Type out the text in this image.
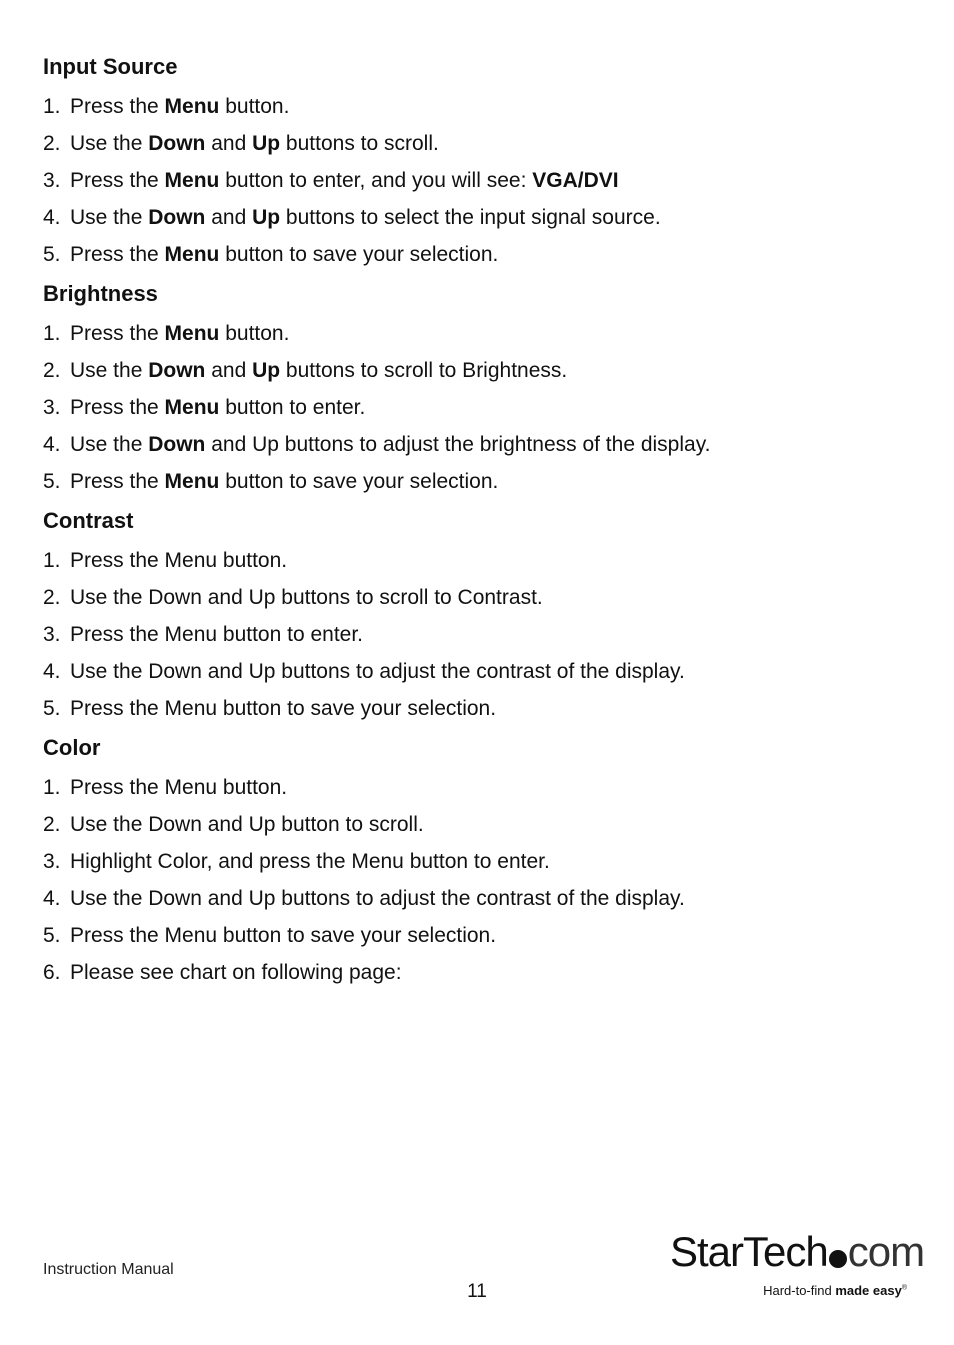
Input Source
1. Press the Menu button.
2. Use the Down and Up buttons to scroll.
3. Press the Menu button to enter, and you will see: VGA/DVI
4. Use the Down and Up buttons to select the input signal source.
5. Press the Menu button to save your selection.
Brightness
1. Press the Menu button.
2. Use the Down and Up buttons to scroll to Brightness.
3. Press the Menu button to enter.
4. Use the Down and Up buttons to adjust the brightness of the display.
5. Press the Menu button to save your selection.
Contrast
1. Press the Menu button.
2. Use the Down and Up buttons to scroll to Contrast.
3. Press the Menu button to enter.
4. Use the Down and Up buttons to adjust the contrast of the display.
5. Press the Menu button to save your selection.
Color
1. Press the Menu button.
2. Use the Down and Up button to scroll.
3. Highlight Color, and press the Menu button to enter.
4. Use the Down and Up buttons to adjust the contrast of the display.
5. Press the Menu button to save your selection.
6. Please see chart on following page:
Instruction Manual
11
StarTech com
Hard-to-find made easy®
